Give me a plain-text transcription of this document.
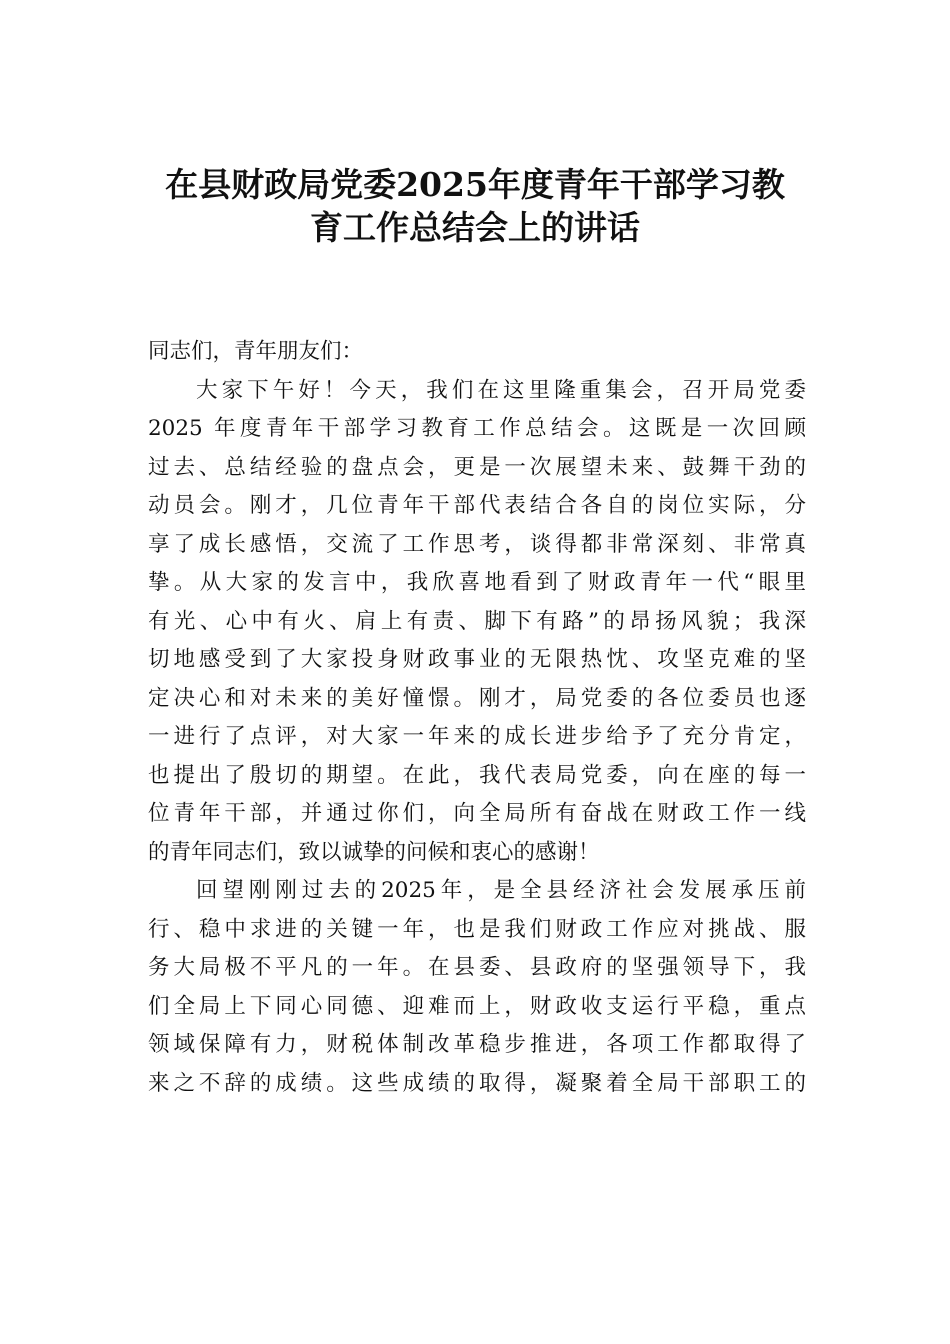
在县财政局党委2025年度青年干部学习教
育工作总结会上的讲话
同志们，青年朋友们：
大家下午好！今天，我们在这里隆重集会，召开局党委
2025 年度青年干部学习教育工作总结会。这既是一次回顾
过去、总结经验的盘点会，更是一次展望未来、鼓舞干劲的
动员会。刚才，几位青年干部代表结合各自的岗位实际，分
享了成长感悟，交流了工作思考，谈得都非常深刻、非常真
挚。从大家的发言中，我欣喜地看到了财政青年一代“眼里
有光、心中有火、肩上有责、脚下有路”的昂扬风貌；我深
切地感受到了大家投身财政事业的无限热忱、攻坚克难的坚
定决心和对未来的美好憧憬。刚才，局党委的各位委员也逐
一进行了点评，对大家一年来的成长进步给予了充分肯定，
也提出了殷切的期望。在此，我代表局党委，向在座的每一
位青年干部，并通过你们，向全局所有奋战在财政工作一线
的青年同志们，致以诚挚的问候和衷心的感谢！
回望刚刚过去的2025年，是全县经济社会发展承压前
行、稳中求进的关键一年，也是我们财政工作应对挑战、服
务大局极不平凡的一年。在县委、县政府的坚强领导下，我
们全局上下同心同德、迎难而上，财政收支运行平稳，重点
领域保障有力，财税体制改革稳步推进，各项工作都取得了
来之不辞的成绩。这些成绩的取得，凝聚着全局干部职工的
